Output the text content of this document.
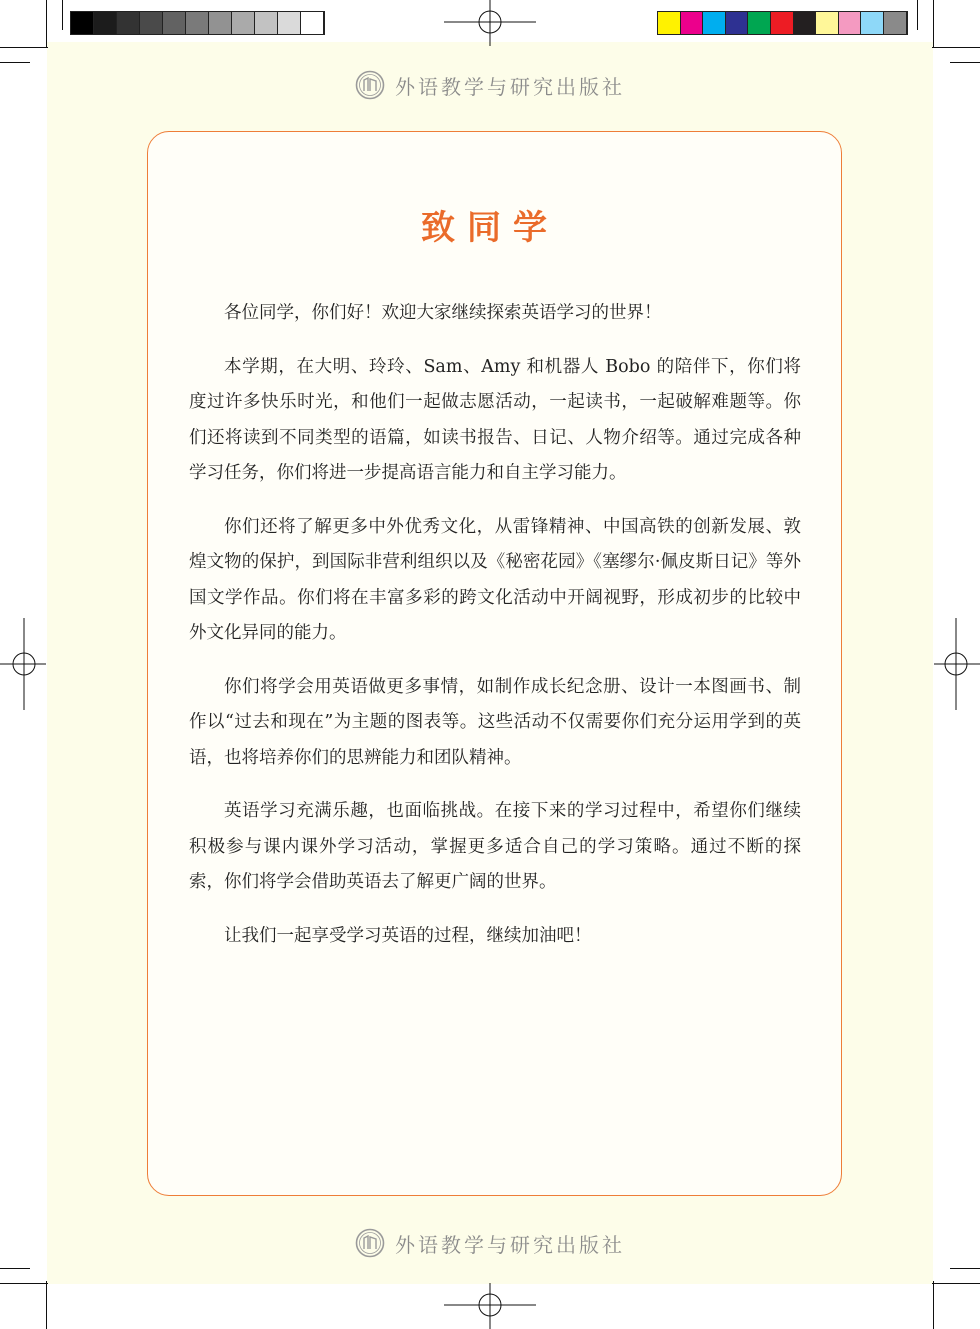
外语教学与研究出版社
致同学

各位同学，你们好！欢迎大家继续探索英语学习的世界！

本学期，在大明、玲玲、Sam、Amy 和机器人 Bobo 的陪伴下，你们将度过许多快乐时光，和他们一起做志愿活动，一起读书，一起破解难题等。你们还将读到不同类型的语篇，如读书报告、日记、人物介绍等。通过完成各种学习任务，你们将进一步提高语言能力和自主学习能力。

你们还将了解更多中外优秀文化，从雷锋精神、中国高铁的创新发展、敦煌文物的保护，到国际非营利组织以及《秘密花园》《塞缪尔·佩皮斯日记》等外国文学作品。你们将在丰富多彩的跨文化活动中开阔视野，形成初步的比较中外文化异同的能力。

你们将学会用英语做更多事情，如制作成长纪念册、设计一本图画书、制作以“过去和现在”为主题的图表等。这些活动不仅需要你们充分运用学到的英语，也将培养你们的思辨能力和团队精神。

英语学习充满乐趣，也面临挑战。在接下来的学习过程中，希望你们继续积极参与课内课外学习活动，掌握更多适合自己的学习策略。通过不断的探索，你们将学会借助英语去了解更广阔的世界。

让我们一起享受学习英语的过程，继续加油吧！

外语教学与研究出版社
